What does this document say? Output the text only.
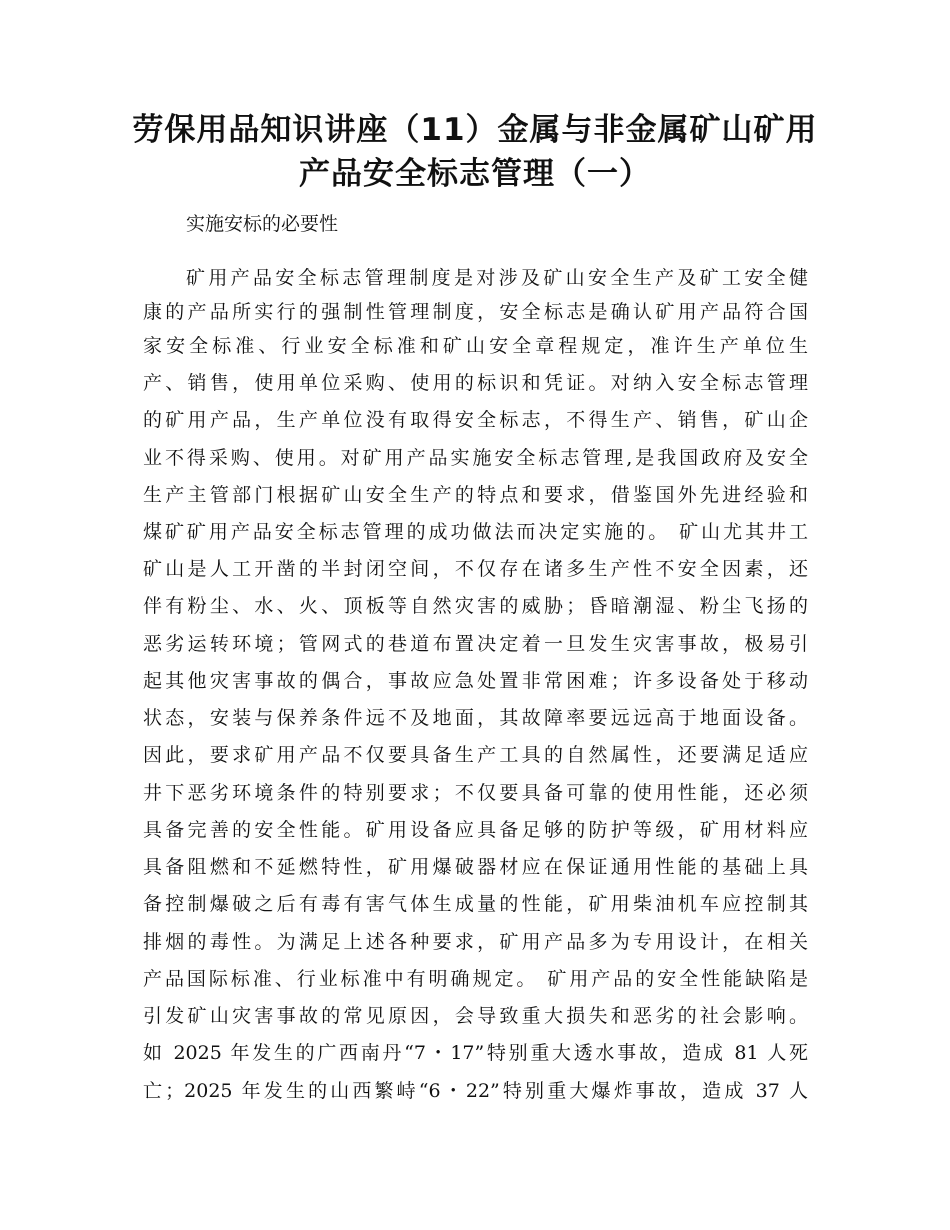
劳保用品知识讲座（11）金属与非金属矿山矿用
产品安全标志管理（一）

实施安标的必要性

矿用产品安全标志管理制度是对涉及矿山安全生产及矿工安全健

康的产品所实行的强制性管理制度，安全标志是确认矿用产品符合国

家安全标准、行业安全标准和矿山安全章程规定，准许生产单位生

产、销售，使用单位采购、使用的标识和凭证。对纳入安全标志管理

的矿用产品，生产单位没有取得安全标志，不得生产、销售，矿山企

业不得采购、使用。对矿用产品实施安全标志管理,是我国政府及安全

生产主管部门根据矿山安全生产的特点和要求，借鉴国外先进经验和

煤矿矿用产品安全标志管理的成功做法而决定实施的。 矿山尤其井工

矿山是人工开凿的半封闭空间，不仅存在诸多生产性不安全因素，还

伴有粉尘、水、火、顶板等自然灾害的威胁；昏暗潮湿、粉尘飞扬的

恶劣运转环境；管网式的巷道布置决定着一旦发生灾害事故，极易引

起其他灾害事故的偶合，事故应急处置非常困难；许多设备处于移动

状态，安装与保养条件远不及地面，其故障率要远远高于地面设备。

因此，要求矿用产品不仅要具备生产工具的自然属性，还要满足适应

井下恶劣环境条件的特别要求；不仅要具备可靠的使用性能，还必须

具备完善的安全性能。矿用设备应具备足够的防护等级，矿用材料应

具备阻燃和不延燃特性，矿用爆破器材应在保证通用性能的基础上具

备控制爆破之后有毒有害气体生成量的性能，矿用柴油机车应控制其

排烟的毒性。为满足上述各种要求，矿用产品多为专用设计，在相关

产品国际标准、行业标准中有明确规定。 矿用产品的安全性能缺陷是

引发矿山灾害事故的常见原因，会导致重大损失和恶劣的社会影响。

如 2025 年发生的广西南丹“7・17”特别重大透水事故，造成 81 人死

亡；2025 年发生的山西繁峙“6・22”特别重大爆炸事故，造成 37 人
